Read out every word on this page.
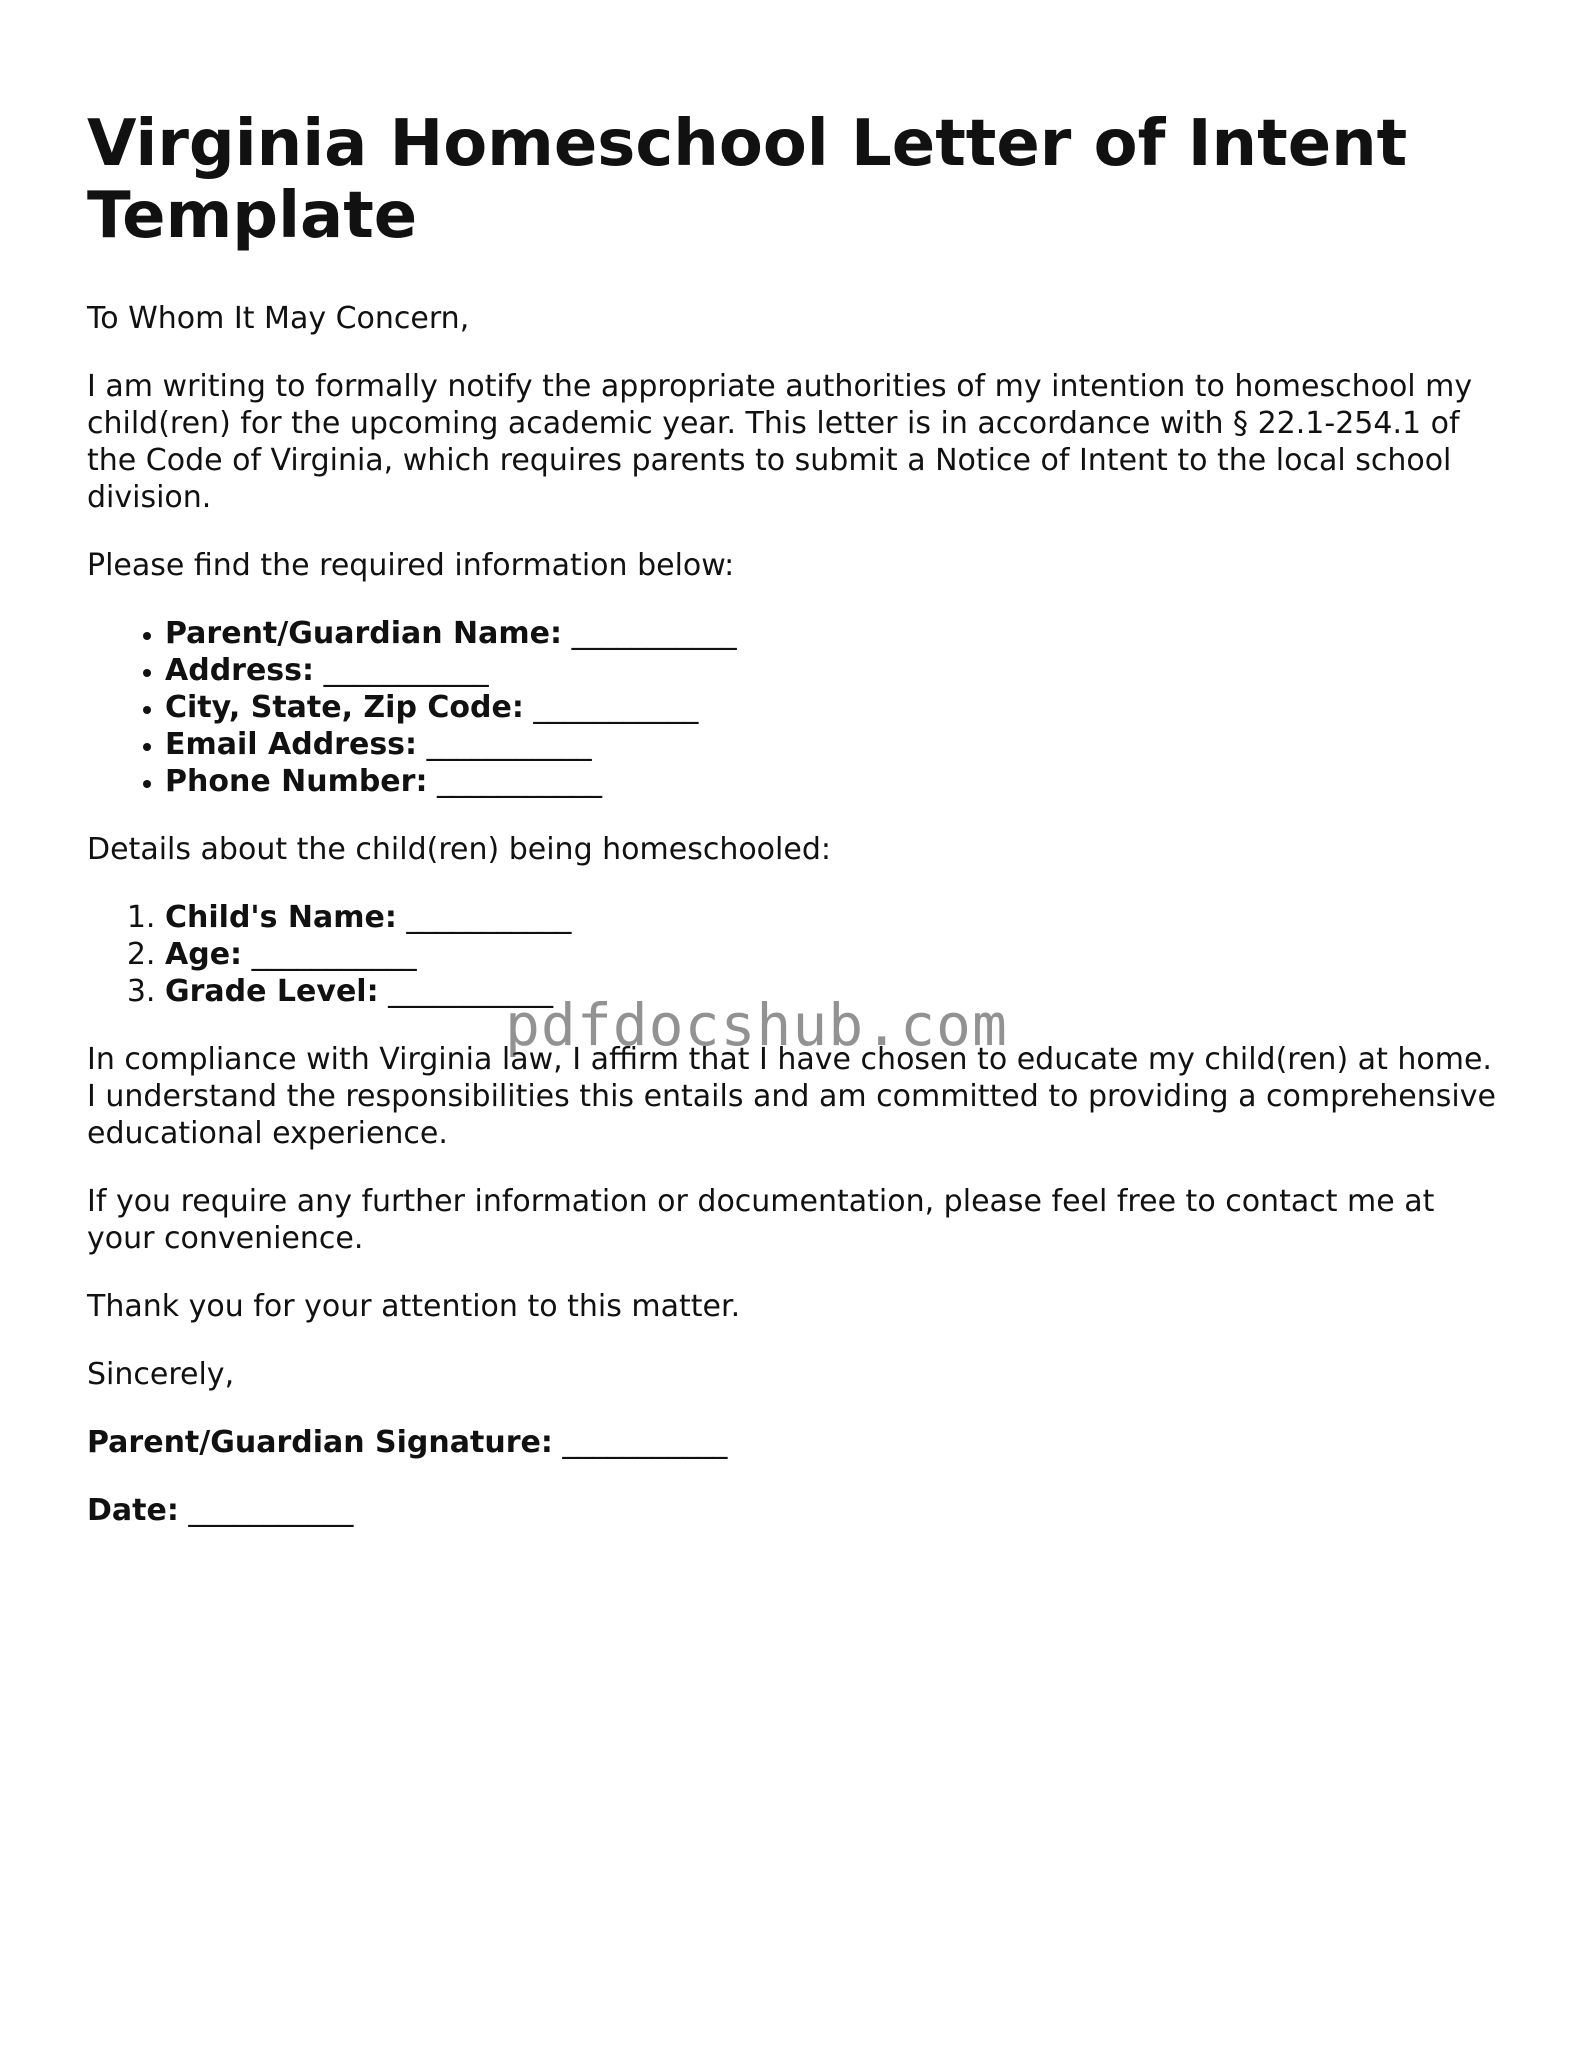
Virginia Homeschool Letter of Intent Template

To Whom It May Concern,

I am writing to formally notify the appropriate authorities of my intention to homeschool my child(ren) for the upcoming academic year. This letter is in accordance with § 22.1-254.1 of the Code of Virginia, which requires parents to submit a Notice of Intent to the local school division.

Please find the required information below:

• Parent/Guardian Name: ___________
• Address: ___________
• City, State, Zip Code: ___________
• Email Address: ___________
• Phone Number: ___________

Details about the child(ren) being homeschooled:

1. Child's Name: ___________
2. Age: ___________
3. Grade Level: ___________

In compliance with Virginia law, I affirm that I have chosen to educate my child(ren) at home. I understand the responsibilities this entails and am committed to providing a comprehensive educational experience.

If you require any further information or documentation, please feel free to contact me at your convenience.

Thank you for your attention to this matter.

Sincerely,

Parent/Guardian Signature: ___________

Date: ___________

pdfdocshub.com
